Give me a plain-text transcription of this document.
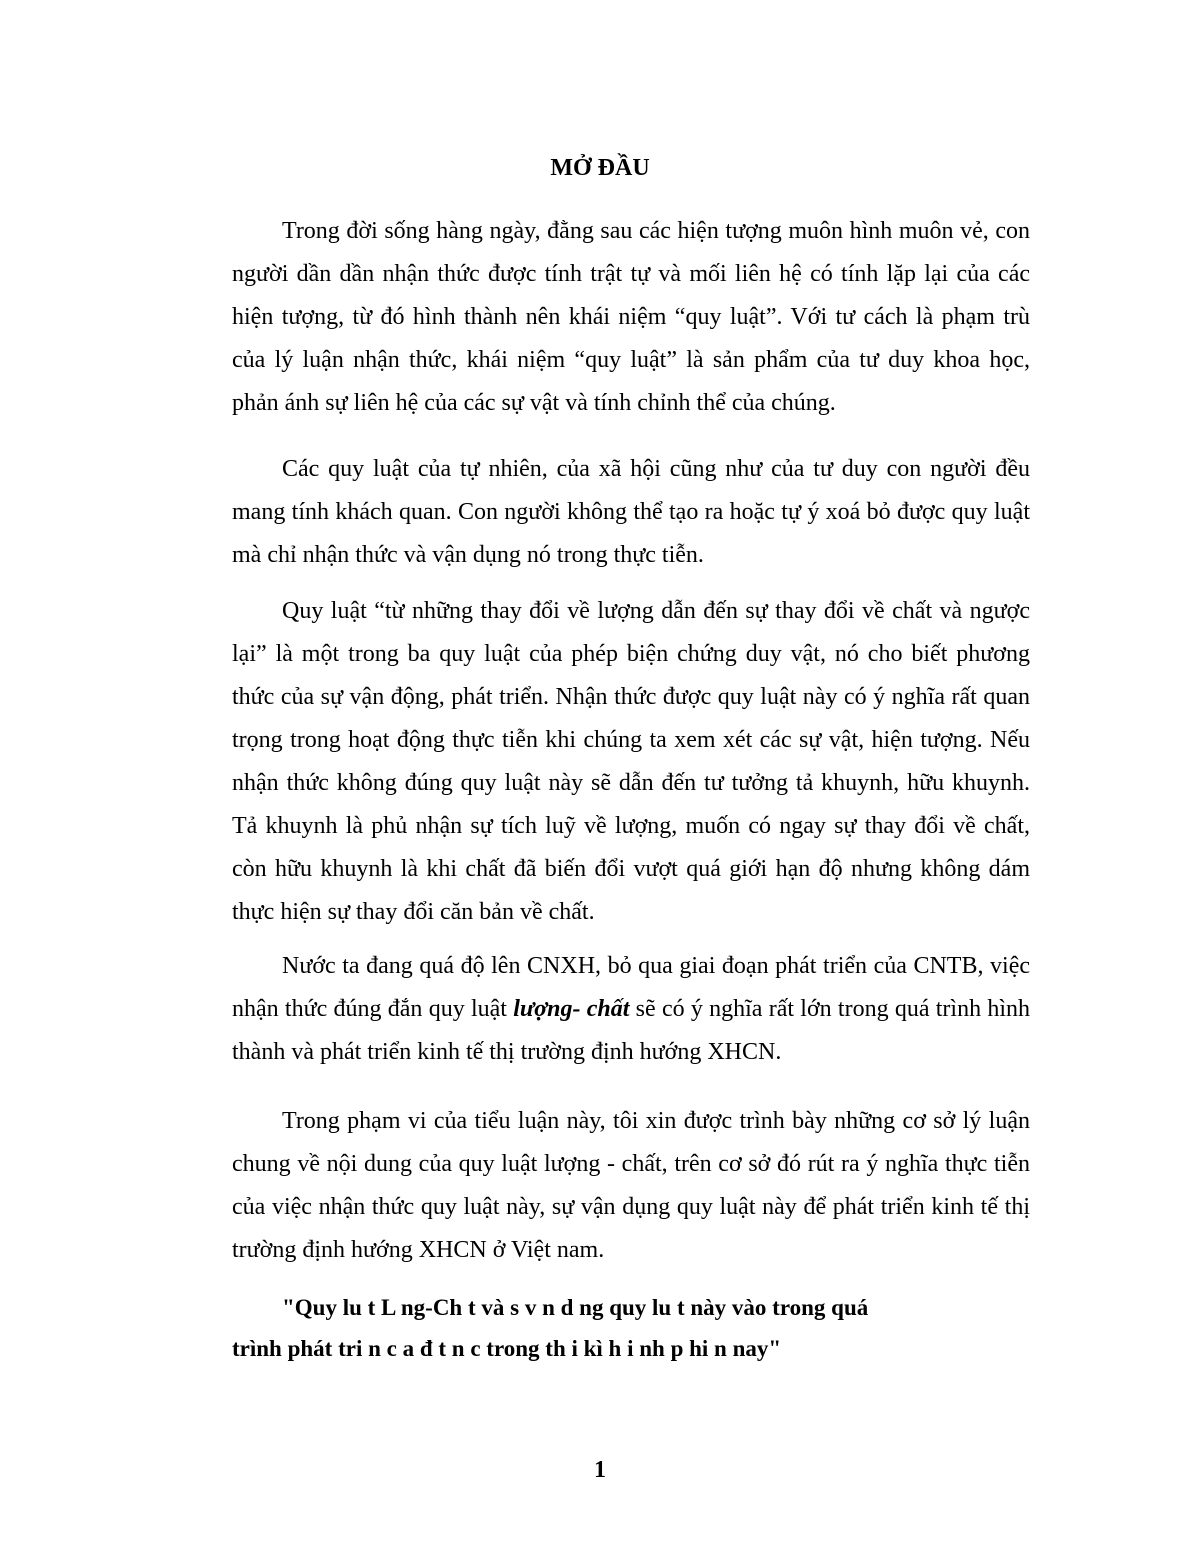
MỞ ĐẦU

Trong đời sống hàng ngày, đằng sau các hiện tượng muôn hình muôn vẻ, con người dần dần nhận thức được tính trật tự và mối liên hệ có tính lặp lại của các hiện tượng, từ đó hình thành nên khái niệm “quy luật”. Với tư cách là phạm trù của lý luận nhận thức, khái niệm “quy luật” là sản phẩm của tư duy khoa học, phản ánh sự liên hệ của các sự vật và tính chỉnh thể của chúng.

Các quy luật của tự nhiên, của xã hội cũng như của tư duy con người đều mang tính khách quan. Con người không thể tạo ra hoặc tự ý xoá bỏ được quy luật mà chỉ nhận thức và vận dụng nó trong thực tiễn.

Quy luật “từ những thay đổi về lượng dẫn đến sự thay đổi về chất và ngược lại” là một trong ba quy luật của phép biện chứng duy vật, nó cho biết phương thức của sự vận động, phát triển. Nhận thức được quy luật này có ý nghĩa rất quan trọng trong hoạt động thực tiễn khi chúng ta xem xét các sự vật, hiện tượng. Nếu nhận thức không đúng quy luật này sẽ dẫn đến tư tưởng tả khuynh, hữu khuynh. Tả khuynh là phủ nhận sự tích luỹ về lượng, muốn có ngay sự thay đổi về chất, còn hữu khuynh là khi chất đã biến đổi vượt quá giới hạn độ nhưng không dám thực hiện sự thay đổi căn bản về chất.

Nước ta đang quá độ lên CNXH, bỏ qua giai đoạn phát triển của CNTB, việc nhận thức đúng đắn quy luật lượng- chất sẽ có ý nghĩa rất lớn trong quá trình hình thành và phát triển kinh tế thị trường định hướng XHCN.

Trong phạm vi của tiểu luận này, tôi xin được trình bày những cơ sở lý luận chung về nội dung của quy luật lượng - chất, trên cơ sở đó rút ra ý nghĩa thực tiễn của việc nhận thức quy luật này, sự vận dụng quy luật này để phát triển kinh tế thị trường định hướng XHCN ở Việt nam.

"Quy lu t L ng-Ch t và s v n d ng quy lu t này vào trong quá
trình phát tri n c a đ t n c trong th i kì h i nh p hi n nay"

1
